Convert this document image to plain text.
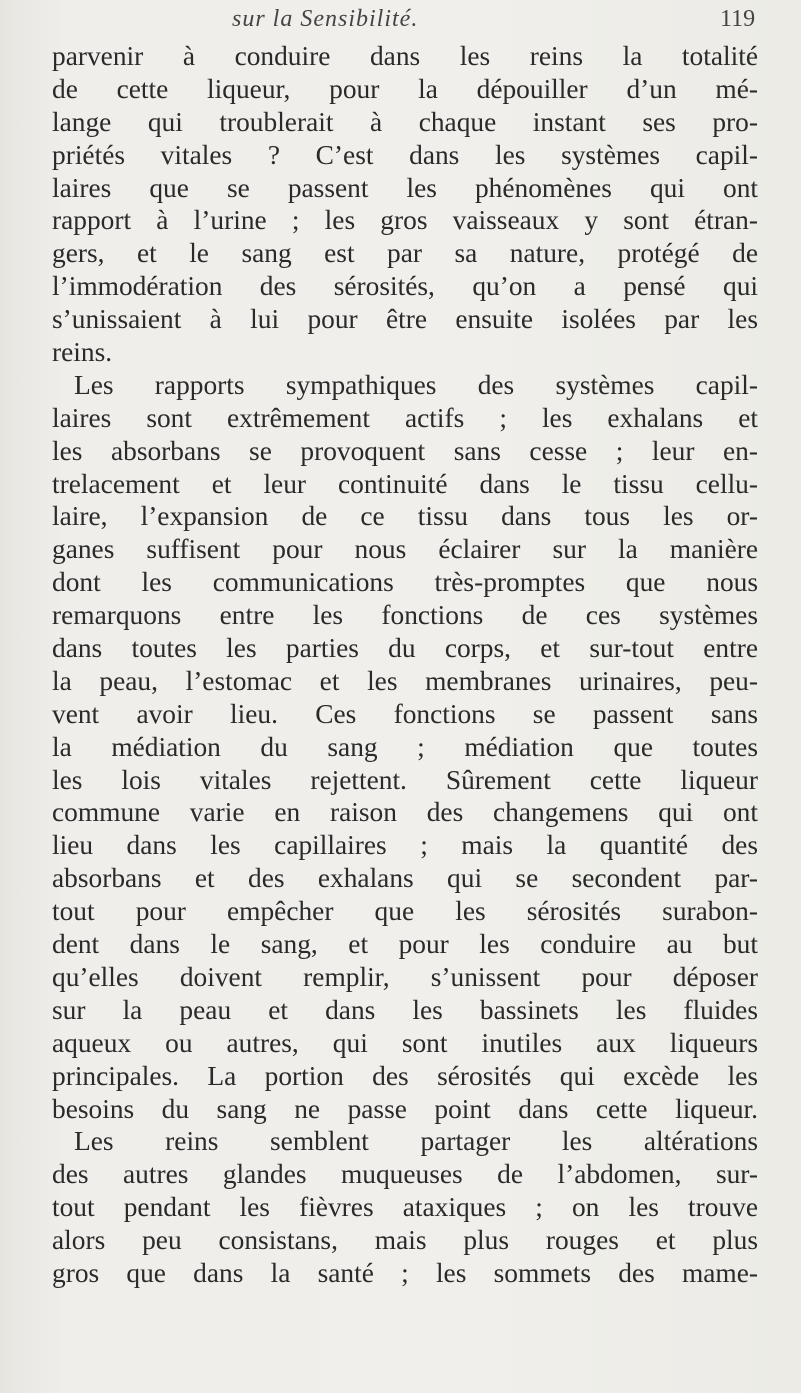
sur la Sensibilité.	119
parvenir à conduire dans les reins la totalité
de cette liqueur, pour la dépouiller d’un mé-
lange qui troublerait à chaque instant ses pro-
priétés vitales ? C’est dans les systèmes capil-
laires que se passent les phénomènes qui ont
rapport à l’urine ; les gros vaisseaux y sont étran-
gers, et le sang est par sa nature, protégé de
l’immodération des sérosités, qu’on a pensé qui
s’unissaient à lui pour être ensuite isolées par les
reins.
Les rapports sympathiques des systèmes capil-
laires sont extrêmement actifs ; les exhalans et
les absorbans se provoquent sans cesse ; leur en-
trelacement et leur continuité dans le tissu cellu-
laire, l’expansion de ce tissu dans tous les or-
ganes suffisent pour nous éclairer sur la manière
dont les communications très-promptes que nous
remarquons entre les fonctions de ces systèmes
dans toutes les parties du corps, et sur-tout entre
la peau, l’estomac et les membranes urinaires, peu-
vent avoir lieu. Ces fonctions se passent sans
la médiation du sang ; médiation que toutes
les lois vitales rejettent. Sûrement cette liqueur
commune varie en raison des changemens qui ont
lieu dans les capillaires ; mais la quantité des
absorbans et des exhalans qui se secondent par-
tout pour empêcher que les sérosités surabon-
dent dans le sang, et pour les conduire au but
qu’elles doivent remplir, s’unissent pour déposer
sur la peau et dans les bassinets les fluides
aqueux ou autres, qui sont inutiles aux liqueurs
principales. La portion des sérosités qui excède les
besoins du sang ne passe point dans cette liqueur.
Les reins semblent partager les altérations
des autres glandes muqueuses de l’abdomen, sur-
tout pendant les fièvres ataxiques ; on les trouve
alors peu consistans, mais plus rouges et plus
gros que dans la santé ; les sommets des mame-
